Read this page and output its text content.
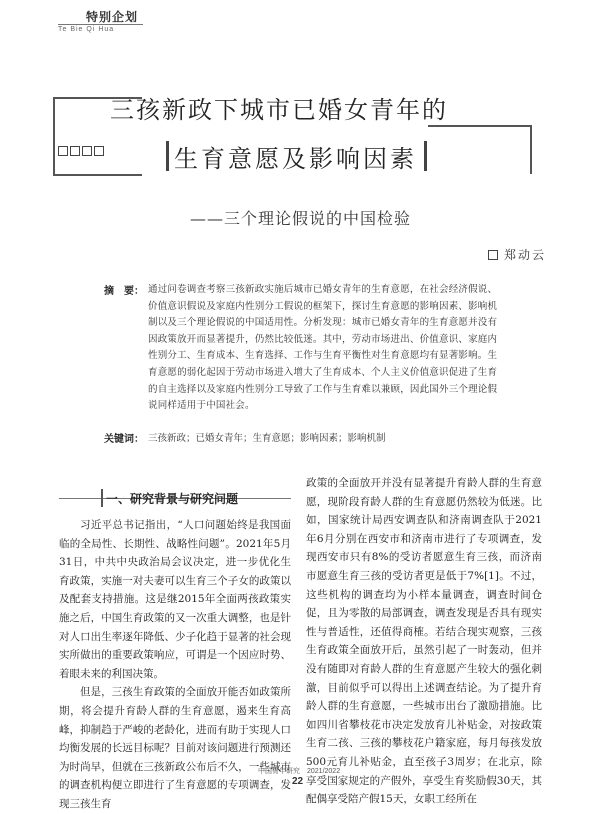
特别企划
Te Bie Qi Hua
三孩新政下城市已婚女青年的
生育意愿及影响因素
——三个理论假说的中国检验
郑动云
摘　要： 通过问卷调查考察三孩新政实施后城市已婚女青年的生育意愿，在社会经济假说、价值意识假说及家庭内性别分工假说的框架下，探讨生育意愿的影响因素、影响机制以及三个理论假说的中国适用性。分析发现：城市已婚女青年的生育意愿并没有因政策放开而显著提升，仍然比较低迷。其中，劳动市场进出、价值意识、家庭内性别分工、生育成本、生育选择、工作与生育平衡性对生育意愿均有显著影响。生育意愿的弱化起因于劳动市场进入增大了生育成本、个人主义价值意识促进了生育的自主选择以及家庭内性别分工导致了工作与生育难以兼顾，因此国外三个理论假说同样适用于中国社会。
关键词： 三孩新政；已婚女青年；生育意愿；影响因素；影响机制
一、研究背景与研究问题

习近平总书记指出，“人口问题始终是我国面临的全局性、长期性、战略性问题”。2021年5月31日，中共中央政治局会议决定，进一步优化生育政策，实施一对夫妻可以生育三个子女的政策以及配套支持措施。这是继2015年全面两孩政策实施之后，中国生育政策的又一次重大调整，也是针对人口出生率逐年降低、少子化趋于显著的社会现实所做出的重要政策响应，可谓是一个因应时势、着眼未来的利国决策。

但是，三孩生育政策的全面放开能否如政策所期，将会提升育龄人群的生育意愿，遏来生育高峰，抑制趋于严峻的老龄化，进而有助于实现人口均衡发展的长远目标呢？目前对该问题进行预测还为时尚早，但就在三孩新政公布后不久，一些城市的调查机构便立即进行了生育意愿的专项调查，发现三孩生育

政策的全面放开并没有显著提升育龄人群的生育意愿，现阶段育龄人群的生育意愿仍然较为低迷。比如，国家统计局西安调查队和济南调查队于2021年6月分别在西安市和济南市进行了专项调查，发现西安市只有8%的受访者愿意生育三孩，而济南市愿意生育三孩的受访者更是低于7%[1]。不过，这些机构的调查均为小样本量调查，调查时间仓促，且为零散的局部调查，调查发现是否具有现实性与普适性，还值得商榷。若结合现实观察，三孩生育政策全面放开后，虽然引起了一时轰动，但并没有随即对育龄人群的生育意愿产生较大的强化刺激，目前似乎可以得出上述调查结论。为了提升育龄人群的生育意愿，一些城市出台了激励措施。比如四川省攀枝花市决定发放育儿补贴金，对按政策生育二孩、三孩的攀枝花户籍家庭，每月每孩发放500元育儿补贴金，直至孩子3周岁；在北京，除享受国家规定的产假外，享受生育奖励假30天，其配偶享受陪产假15天，女职工经所在

中国青年研究　2021/2022
22
